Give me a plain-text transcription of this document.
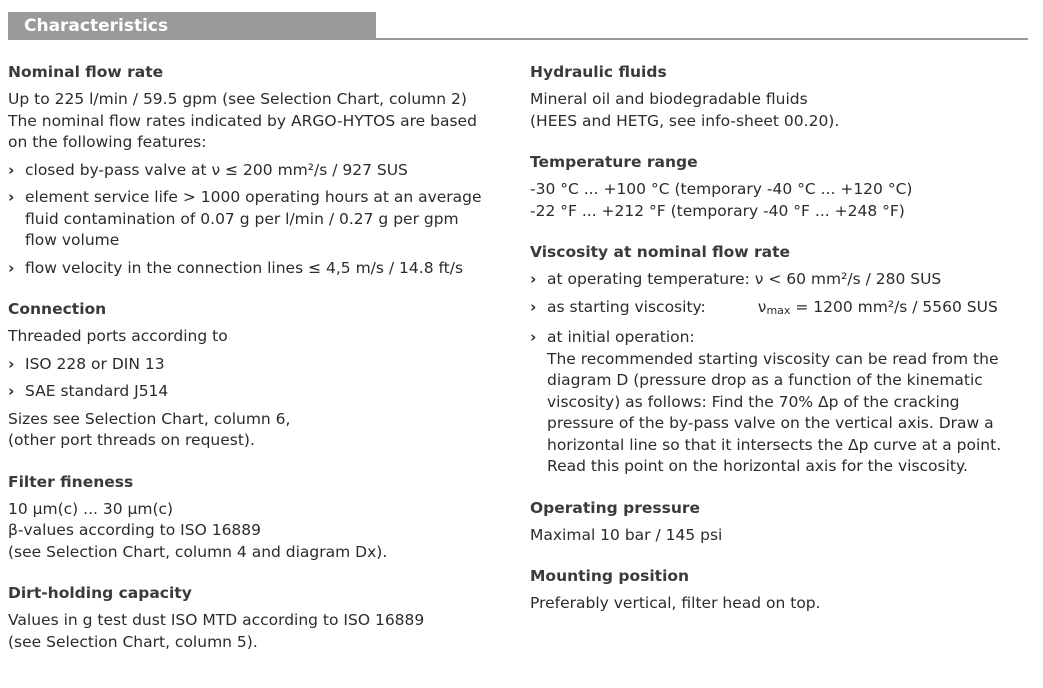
Characteristics
Nominal flow rate

Up to 225 l/min / 59.5 gpm (see Selection Chart, column 2)

The nominal flow rates indicated by ARGO-HYTOS are based on the following features:

› closed by-pass valve at ν ≤ 200 mm²/s / 927 SUS
› element service life > 1000 operating hours at an average fluid contamination of 0.07 g per l/min / 0.27 g per gpm flow volume
› flow velocity in the connection lines ≤ 4,5 m/s / 14.8 ft/s
Connection

Threaded ports according to

› ISO 228 or DIN 13
› SAE standard J514

Sizes see Selection Chart, column 6,

(other port threads on request).

Filter fineness

10 µm(c) ... 30 µm(c)

β-values according to ISO 16889

(see Selection Chart, column 4 and diagram Dx).

Dirt-holding capacity

Values in g test dust ISO MTD according to ISO 16889

(see Selection Chart, column 5).

Hydraulic fluids

Mineral oil and biodegradable fluids

(HEES and HETG, see info-sheet 00.20).

Temperature range

-30 °C ... +100 °C (temporary -40 °C ... +120 °C)

-22 °F ... +212 °F (temporary -40 °F ... +248 °F)

Viscosity at nominal flow rate
› at operating temperature: ν < 60 mm²/s / 280 SUS
› as starting viscosity:	νmax = 1200 mm²/s / 5560 SUS
› at initial operation:
The recommended starting viscosity can be read from the diagram D (pressure drop as a function of the kinematic viscosity) as follows: Find the 70% Δp of the cracking pressure of the by-pass valve on the vertical axis. Draw a horizontal line so that it intersects the Δp curve at a point. Read this point on the horizontal axis for the viscosity.
Operating pressure

Maximal 10 bar / 145 psi

Mounting position

Preferably vertical, filter head on top.
